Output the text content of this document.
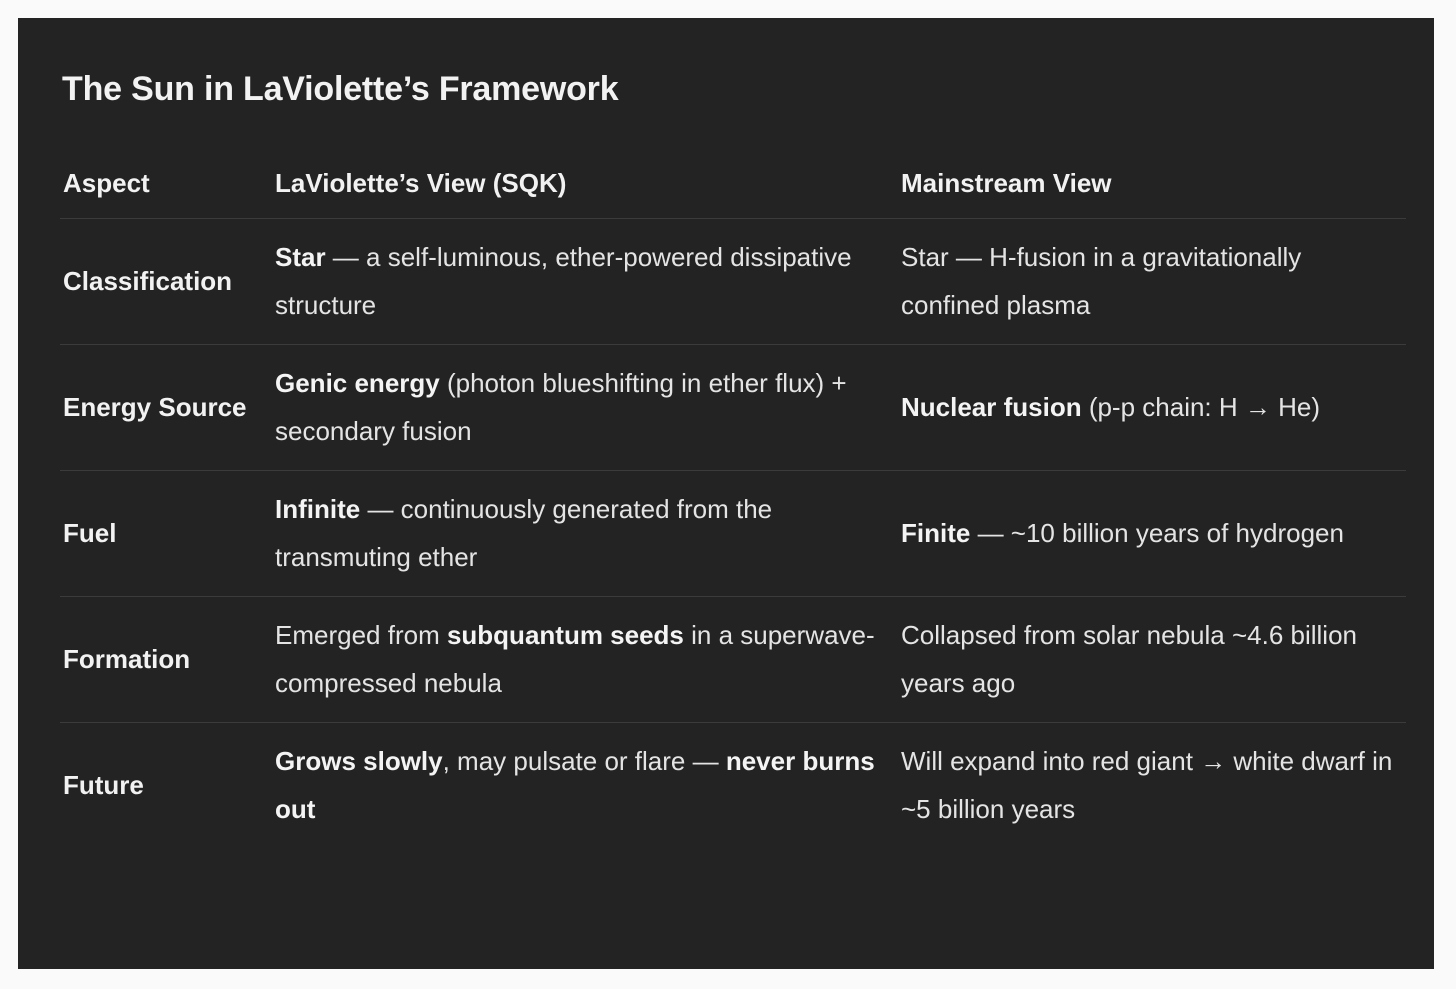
The Sun in LaViolette’s Framework
Aspect	LaViolette’s View (SQK)	Mainstream View
Classification	Star — a self-luminous, ether-powered dissipative structure	Star — H-fusion in a gravitationally confined plasma
Energy Source	Genic energy (photon blueshifting in ether flux) + secondary fusion	Nuclear fusion (p-p chain: H → He)
Fuel	Infinite — continuously generated from the transmuting ether	Finite — ~10 billion years of hydrogen
Formation	Emerged from subquantum seeds in a superwave-compressed nebula	Collapsed from solar nebula ~4.6 billion years ago
Future	Grows slowly, may pulsate or flare — never burns out	Will expand into red giant → white dwarf in ~5 billion years
